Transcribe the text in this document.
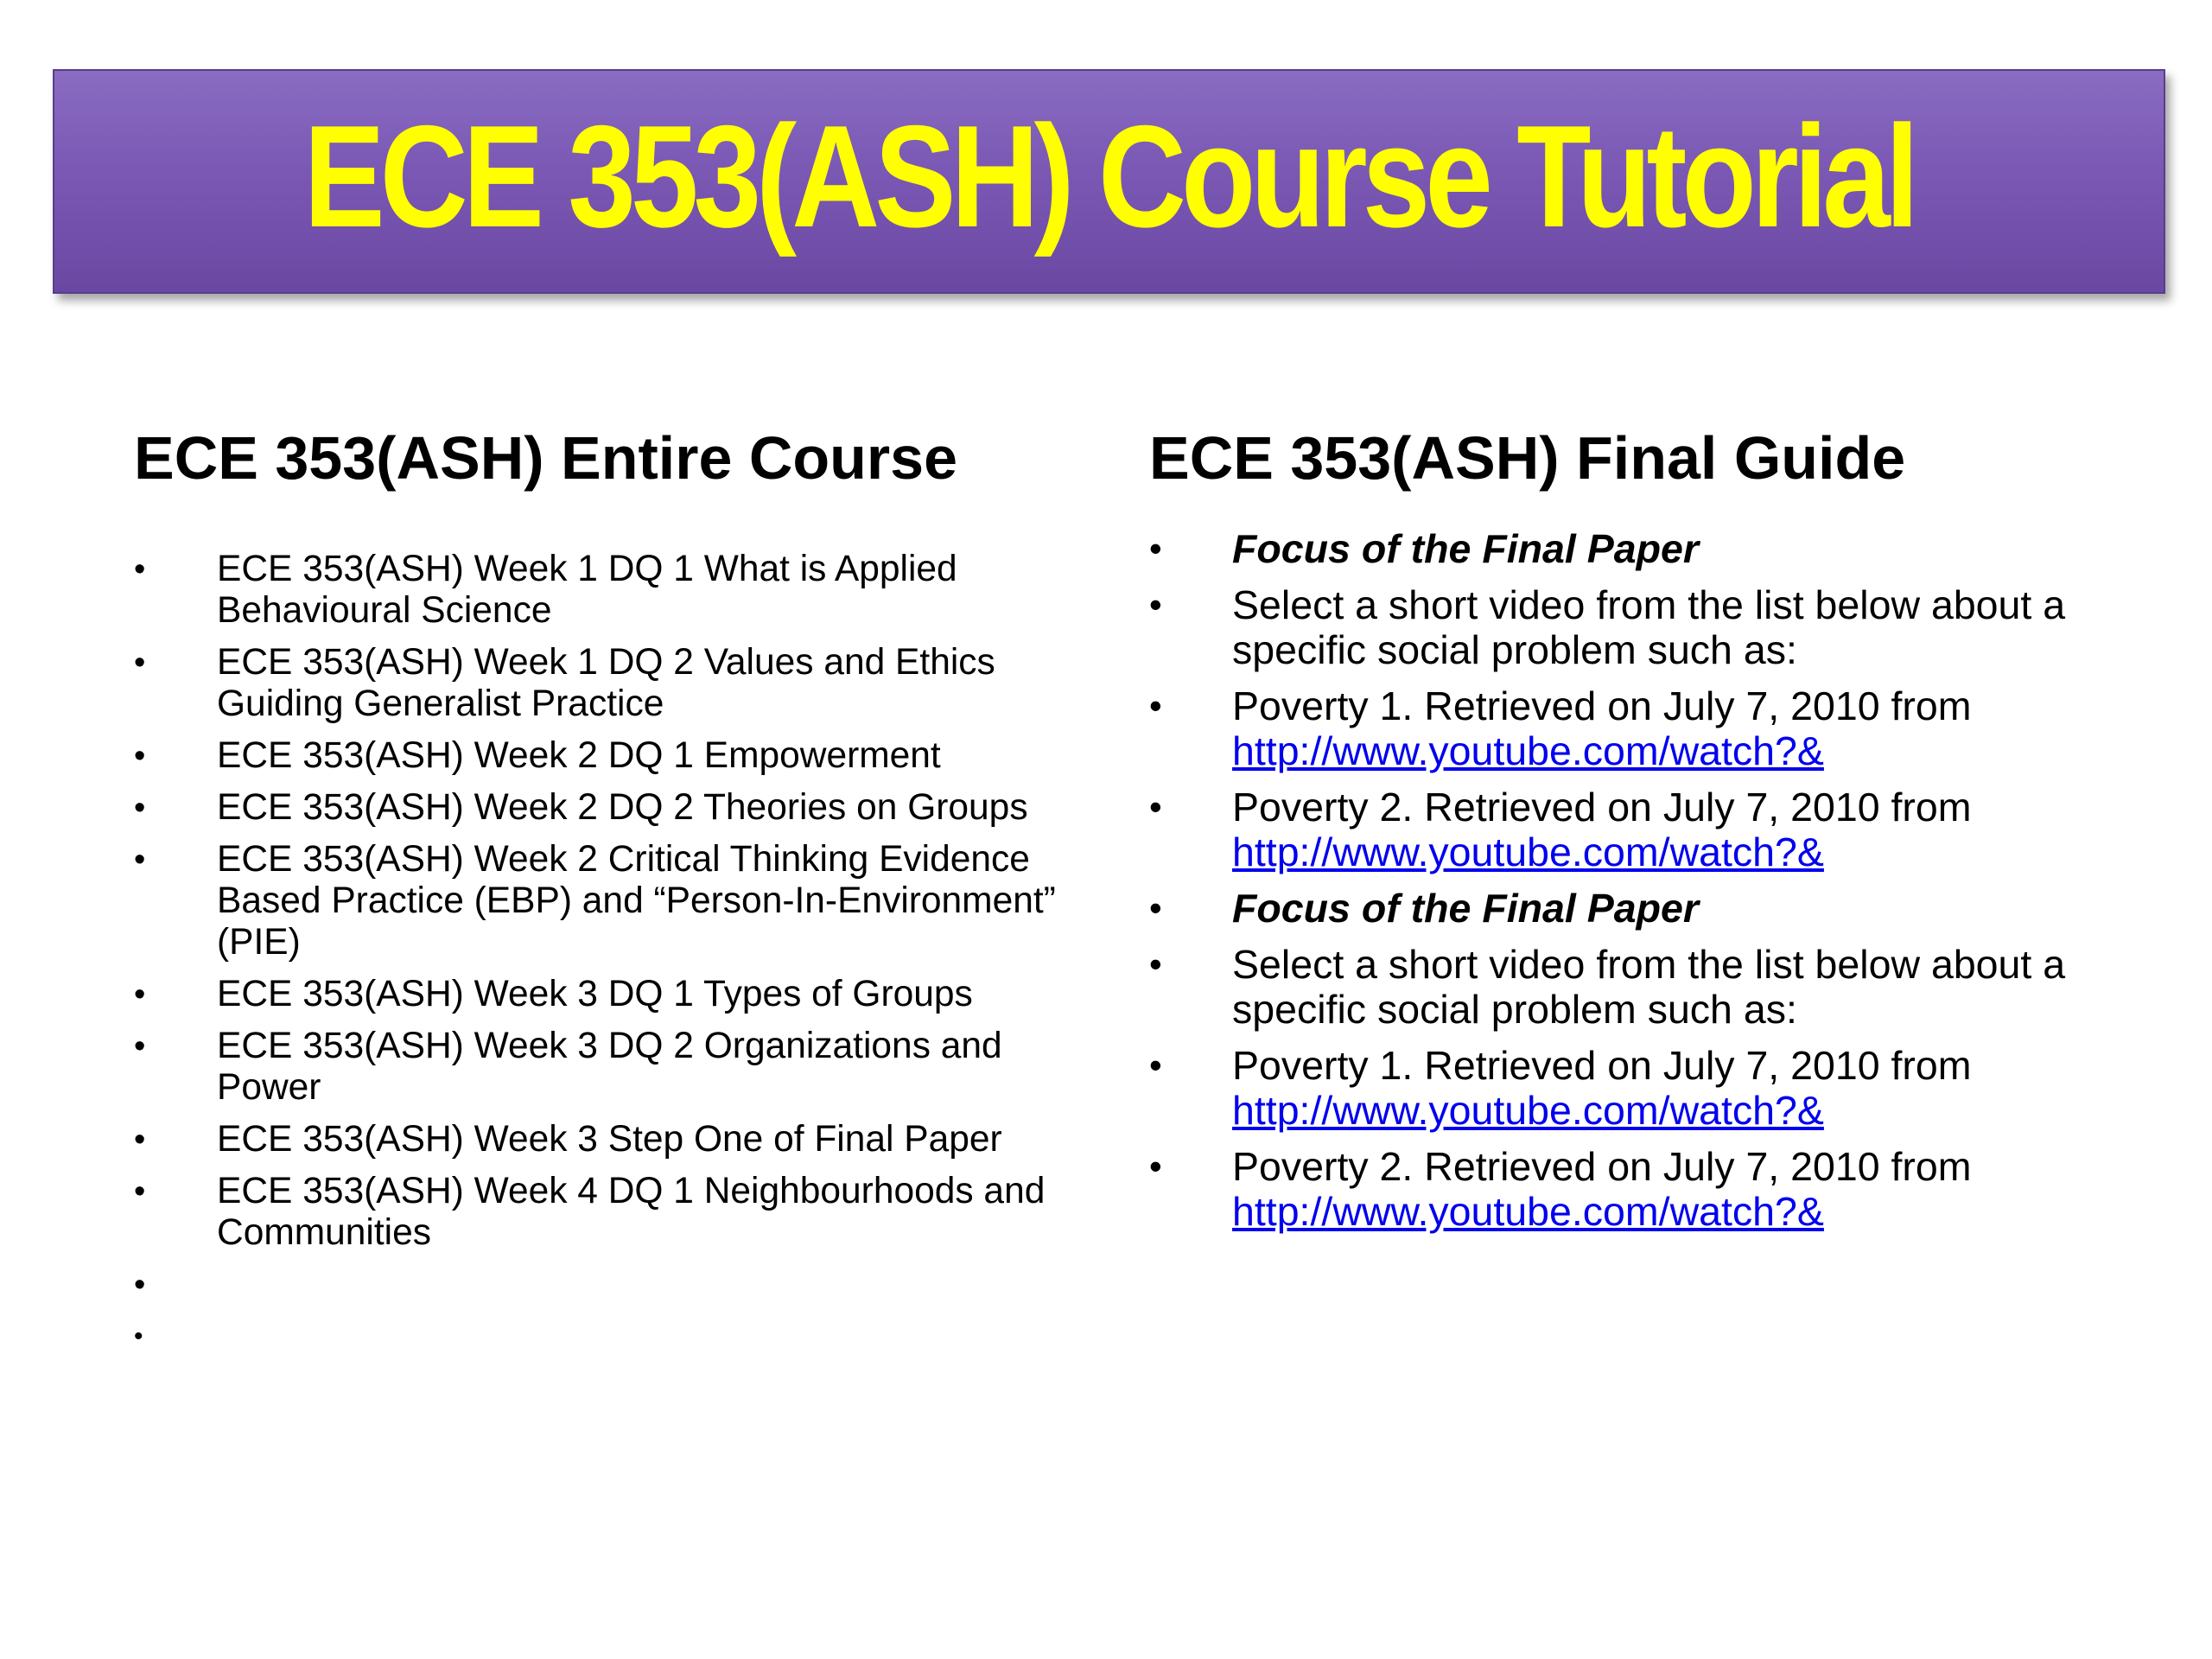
ECE 353(ASH) Course Tutorial
ECE 353(ASH) Entire Course
• ECE 353(ASH) Week 1 DQ 1 What is Applied Behavioural Science
• ECE 353(ASH) Week 1 DQ 2 Values and Ethics Guiding Generalist Practice
• ECE 353(ASH) Week 2 DQ 1 Empowerment
• ECE 353(ASH) Week 2 DQ 2 Theories on Groups
• ECE 353(ASH) Week 2 Critical Thinking Evidence Based Practice (EBP) and “Person-In-Environment” (PIE)
• ECE 353(ASH) Week 3 DQ 1 Types of Groups
• ECE 353(ASH) Week 3 DQ 2 Organizations and Power
• ECE 353(ASH) Week 3 Step One of Final Paper
• ECE 353(ASH) Week 4 DQ 1 Neighbourhoods and Communities
•
•
ECE 353(ASH) Final Guide
• Focus of the Final Paper
• Select a short video from the list below about a specific social problem such as:
• Poverty 1. Retrieved on July 7, 2010 from
http://www.youtube.com/watch?&
• Poverty 2. Retrieved on July 7, 2010 from
http://www.youtube.com/watch?&
• Focus of the Final Paper
• Select a short video from the list below about a specific social problem such as:
• Poverty 1. Retrieved on July 7, 2010 from
http://www.youtube.com/watch?&
• Poverty 2. Retrieved on July 7, 2010 from
http://www.youtube.com/watch?&
